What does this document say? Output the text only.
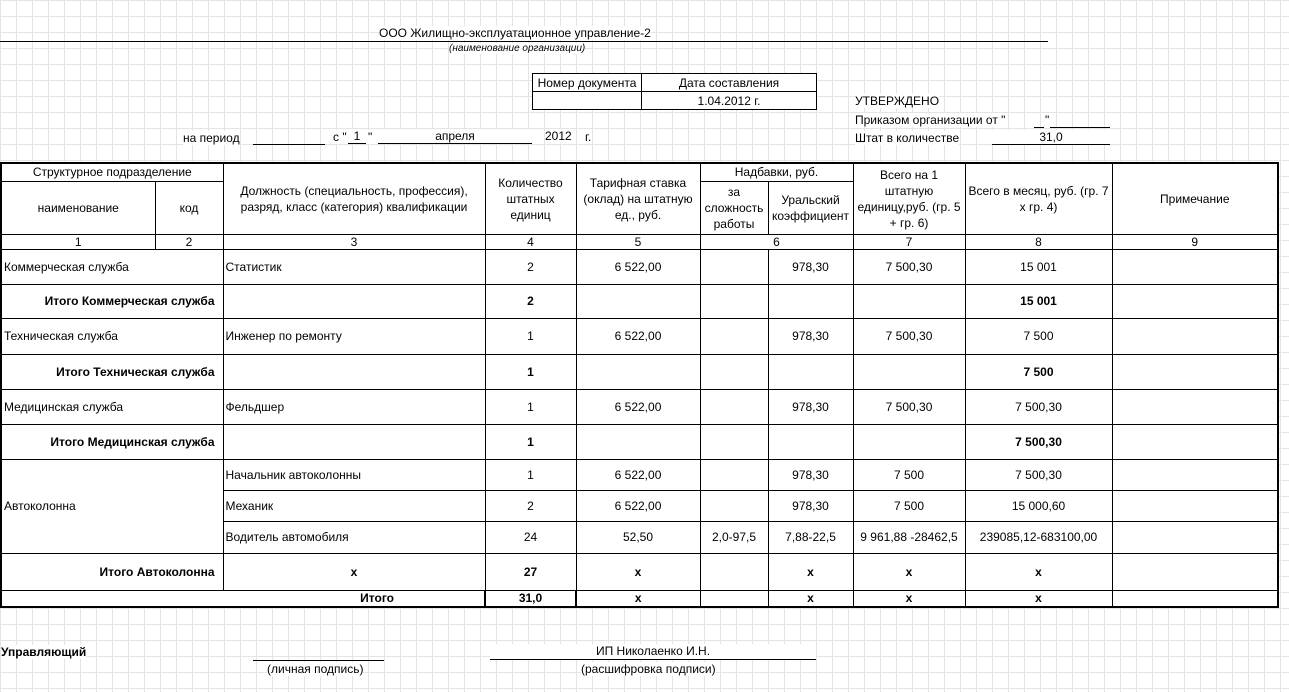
ООО Жилищно-эксплуатационное управление-2
(наименование организации)
Номер документа	Дата составления
	1.04.2012 г.	УТВЕРЖДЕНО
Приказом организации от "	"
Штат в количестве	31,0
на период	с " 1 "	апреля	2012 г.
Структурное подразделение		Должность (специальность, профессия), разряд, класс (категория) квалификации	Количество штатных единиц	Тарифная ставка (оклад) на штатную ед., руб.	Надбавки, руб.		Всего на 1 штатную единицу,руб. (гр. 5 + гр. 6)	Всего в месяц, руб. (гр. 7 х гр. 4)	Примечание
наименование	код				за сложность работы	Уральский коэффициент			
1	2	3	4	5	6		7	8	9
Коммерческая служба		Статистик	2	6 522,00		978,30	7 500,30	15 001	
Итого Коммерческая служба			2					15 001	
Техническая служба		Инженер по ремонту	1	6 522,00		978,30	7 500,30	7 500	
Итого Техническая служба			1					7 500	
Медицинская служба		Фельдшер	1	6 522,00		978,30	7 500,30	7 500,30	
Итого Медицинская служба			1					7 500,30	
Автоколонна		Начальник автоколонны	1	6 522,00		978,30	7 500	7 500,30	
		Механик	2	6 522,00		978,30	7 500	15 000,60	
		Водитель автомобиля	24	52,50	2,0-97,5	7,88-22,5	9 961,88 -28462,5	239085,12-683100,00	
Итого Автоколонна		х	27	х		х	х	х	
Итого			31,0	х		х	х	х	
Управляющий
(личная подпись)
ИП Николаенко И.Н.
(расшифровка подписи)
